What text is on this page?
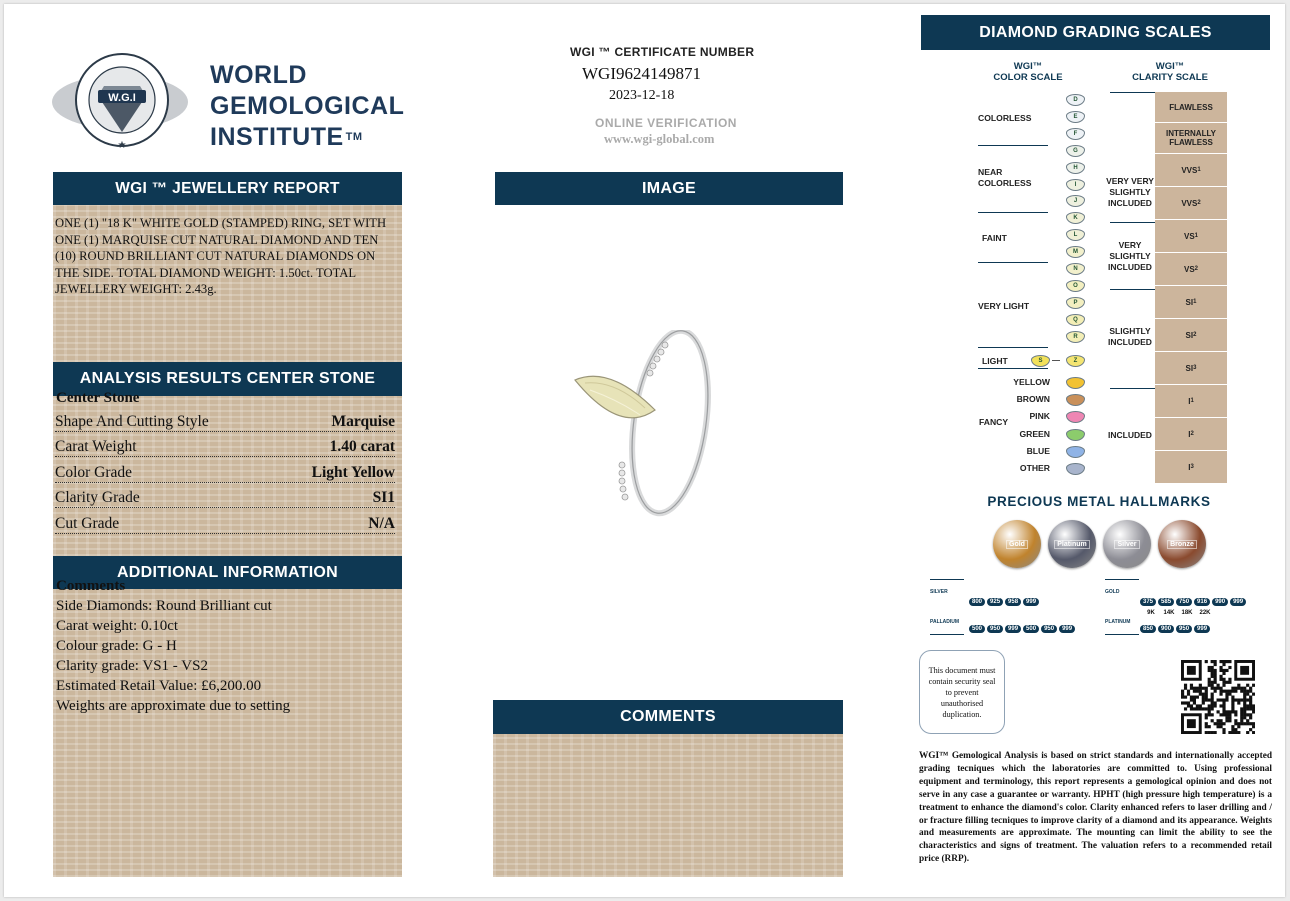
W.G.I
★
WORLD
GEMOLOGICAL
INSTITUTE ™
WGI ™ JEWELLERY REPORT
ONE (1) "18 K" WHITE GOLD (STAMPED) RING, SET WITH ONE (1) MARQUISE CUT NATURAL DIAMOND AND TEN (10) ROUND BRILLIANT CUT NATURAL DIAMONDS ON THE SIDE. TOTAL DIAMOND WEIGHT: 1.50ct. TOTAL JEWELLERY WEIGHT: 2.43g.
ANALYSIS RESULTS CENTER STONE
Center Stone
Shape And Cutting Style	Marquise
Carat Weight	1.40 carat
Color Grade	Light Yellow
Clarity Grade	SI1
Cut Grade	N/A
ADDITIONAL INFORMATION
Comments
Side Diamonds: Round Brilliant cut
Carat weight: 0.10ct
Colour grade: G - H
Clarity grade: VS1 - VS2
Estimated Retail Value: £6,200.00
Weights are approximate due to setting
WGI ™ CERTIFICATE NUMBER
WGI9624149871
2023-12-18
ONLINE VERIFICATION
www.wgi-global.com
IMAGE
COMMENTS
DIAMOND GRADING SCALES
WGI™
COLOR SCALE
WGI™
CLARITY SCALE
COLORLESS
NEAR
COLORLESS
FAINT
VERY LIGHT
LIGHT
FANCY
D
E
F
G
H
I
J
K
L
M
N
O
P
Q
R
S	Z
YELLOW
BROWN
PINK
GREEN
BLUE
OTHER
VERY VERY
SLIGHTLY
INCLUDED
VERY
SLIGHTLY
INCLUDED
SLIGHTLY
INCLUDED
INCLUDED
FLAWLESS
INTERNALLY FLAWLESS
VVS 1
VVS 2
VS 1
VS 2
SI 1
SI 2
SI 3
I 1
I 2
I 3
PRECIOUS METAL HALLMARKS
Gold	Platinum	Silver	Bronze
SILVER
800 925 958 999
GOLD
375 585 750 916 990 999
9K 14K 18K 22K
PALLADIUM
500 950 999 500 950 999
PLATINUM
850 900 950 999
This document must contain security seal to prevent unauthorised duplication.
WGI™ Gemological Analysis is based on strict standards and internationally accepted grading tecniques which the laboratories are committed to. Using professional equipment and terminology, this report represents a gemological opinion and does not serve in any case a guarantee or warranty. HPHT (high pressure high temperature) is a treatment to enhance the diamond's color. Clarity enhanced refers to laser drilling and / or fracture filling tecniques to improve clarity of a diamond and its appearance. Weights and measurements are approximate. The mounting can limit the ability to see the characteristics and signs of treatment. The valuation refers to a recommended retail price (RRP).
